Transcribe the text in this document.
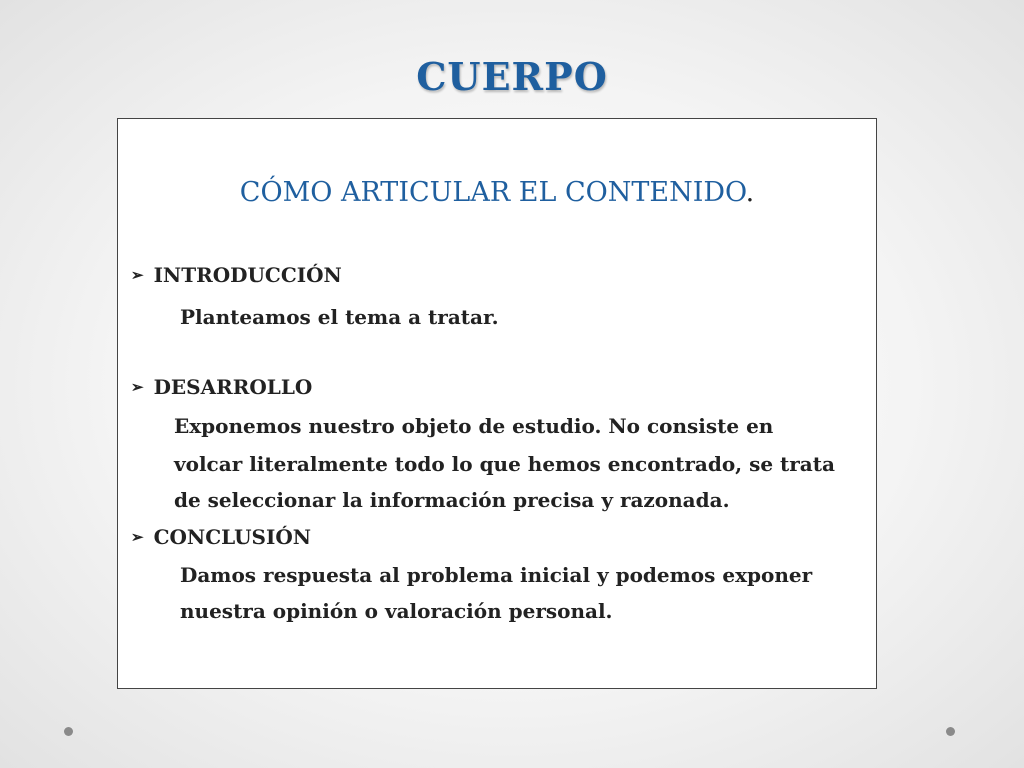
CUERPO
CÓMO ARTICULAR EL CONTENIDO.
➢ INTRODUCCIÓN
Planteamos el tema a tratar.
➢ DESARROLLO
Exponemos nuestro objeto de estudio. No consiste en
volcar literalmente todo lo que hemos encontrado, se trata
de seleccionar la información precisa y razonada.
➢ CONCLUSIÓN
Damos respuesta al problema inicial y podemos exponer
nuestra opinión o valoración personal.
